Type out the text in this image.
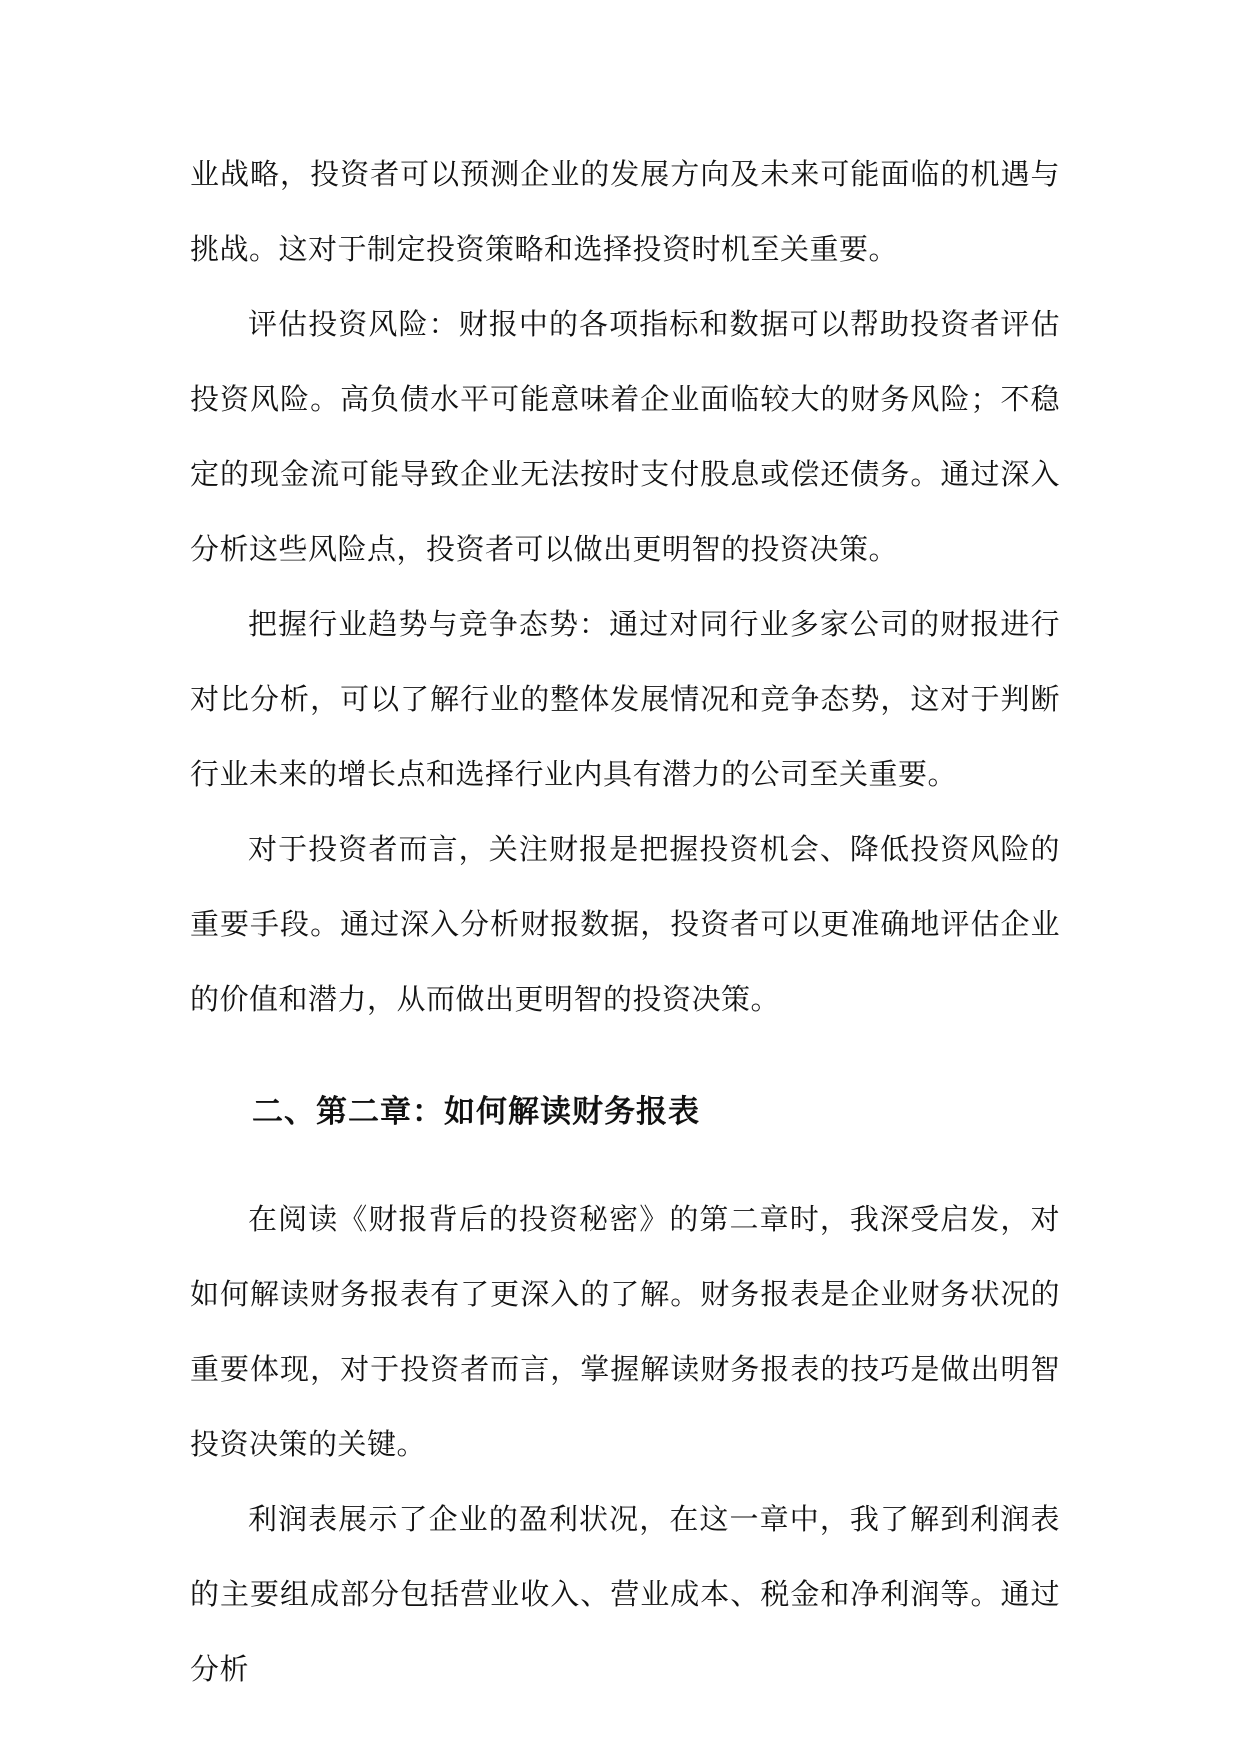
业战略，投资者可以预测企业的发展方向及未来可能面临的机遇与挑战。这对于制定投资策略和选择投资时机至关重要。

评估投资风险：财报中的各项指标和数据可以帮助投资者评估投资风险。高负债水平可能意味着企业面临较大的财务风险；不稳定的现金流可能导致企业无法按时支付股息或偿还债务。通过深入分析这些风险点，投资者可以做出更明智的投资决策。

把握行业趋势与竞争态势：通过对同行业多家公司的财报进行对比分析，可以了解行业的整体发展情况和竞争态势，这对于判断行业未来的增长点和选择行业内具有潜力的公司至关重要。

对于投资者而言，关注财报是把握投资机会、降低投资风险的重要手段。通过深入分析财报数据，投资者可以更准确地评估企业的价值和潜力，从而做出更明智的投资决策。

二、第二章：如何解读财务报表

在阅读《财报背后的投资秘密》的第二章时，我深受启发，对如何解读财务报表有了更深入的了解。财务报表是企业财务状况的重要体现，对于投资者而言，掌握解读财务报表的技巧是做出明智投资决策的关键。

利润表展示了企业的盈利状况，在这一章中，我了解到利润表的主要组成部分包括营业收入、营业成本、税金和净利润等。通过分析
